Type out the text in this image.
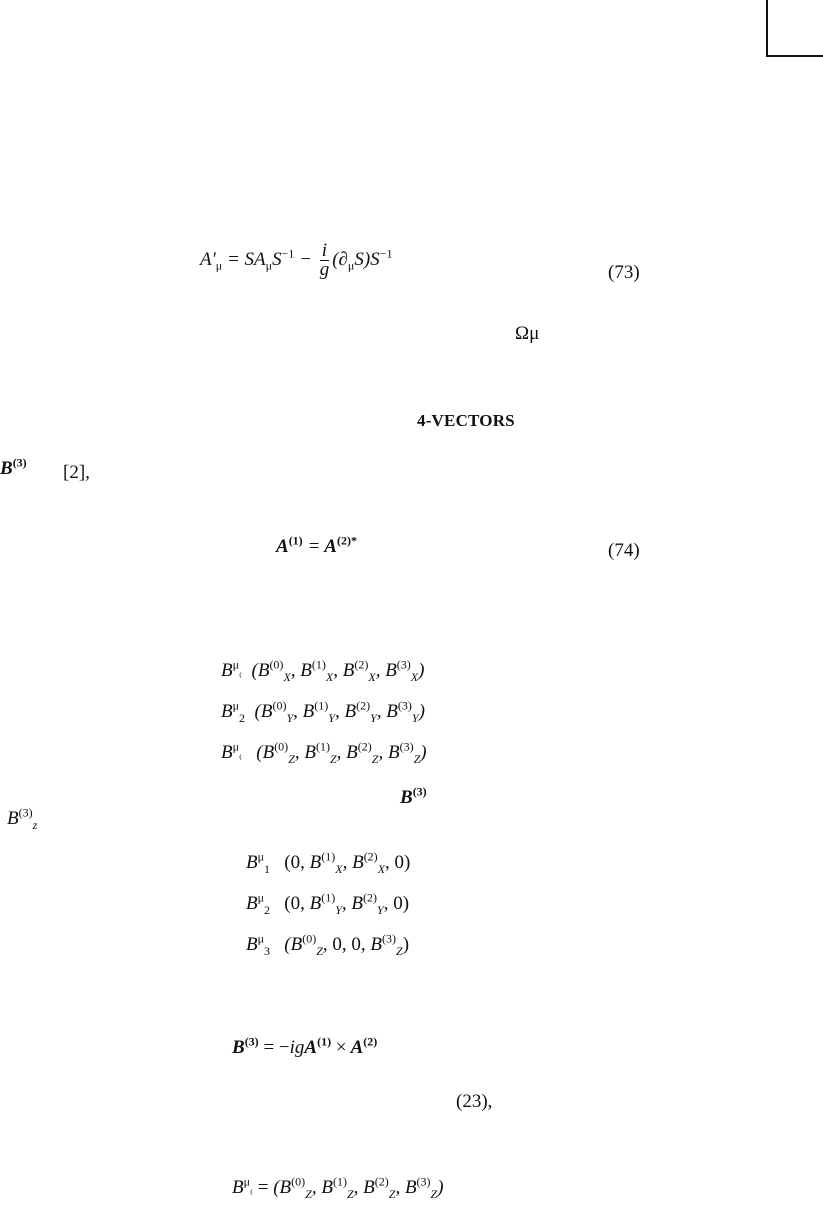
$A'_\mu = SA_\mu S^{-1} - \frac{i}{g} (\partial_\mu S)S^{-1}$
(73)
Ωμ
4-VECTORS
$B^{(3)}$ [2],
$A^{(1)} = A^{(2)*}$	(74)
$B^\mu_{^(}$  ($B^{(0)}_X$, $B^{(1)}_X$, $B^{(2)}_X$, $B^{(3)}_X$)
$B^\mu_2$  ($B^{(0)}_Y$, $B^{(1)}_Y$, $B^{(2)}_Y$, $B^{(3)}_Y$)
$B^\mu_{^(}$   ($B^{(0)}_Z$, $B^{(1)}_Z$, $B^{(2)}_Z$, $B^{(3)}_Z$)
$B^{(3)}$
$B^{(3)}_z$
$B^\mu_1$ (0, $B^{(1)}_X$, $B^{(2)}_X$, 0)
$B^\mu_2$ (0, $B^{(1)}_Y$, $B^{(2)}_Y$, 0)
$B^\mu_3$   ($B^{(0)}_Z$, 0, 0, $B^{(3)}_Z$)
$B^{(3)} = -igA^{(1)} \times A^{(2)}$
(23),
$B^\mu_{^(} = (B^{(0)}_Z$, $B^{(1)}_Z$, $B^{(2)}_Z$, $B^{(3)}_Z$)
